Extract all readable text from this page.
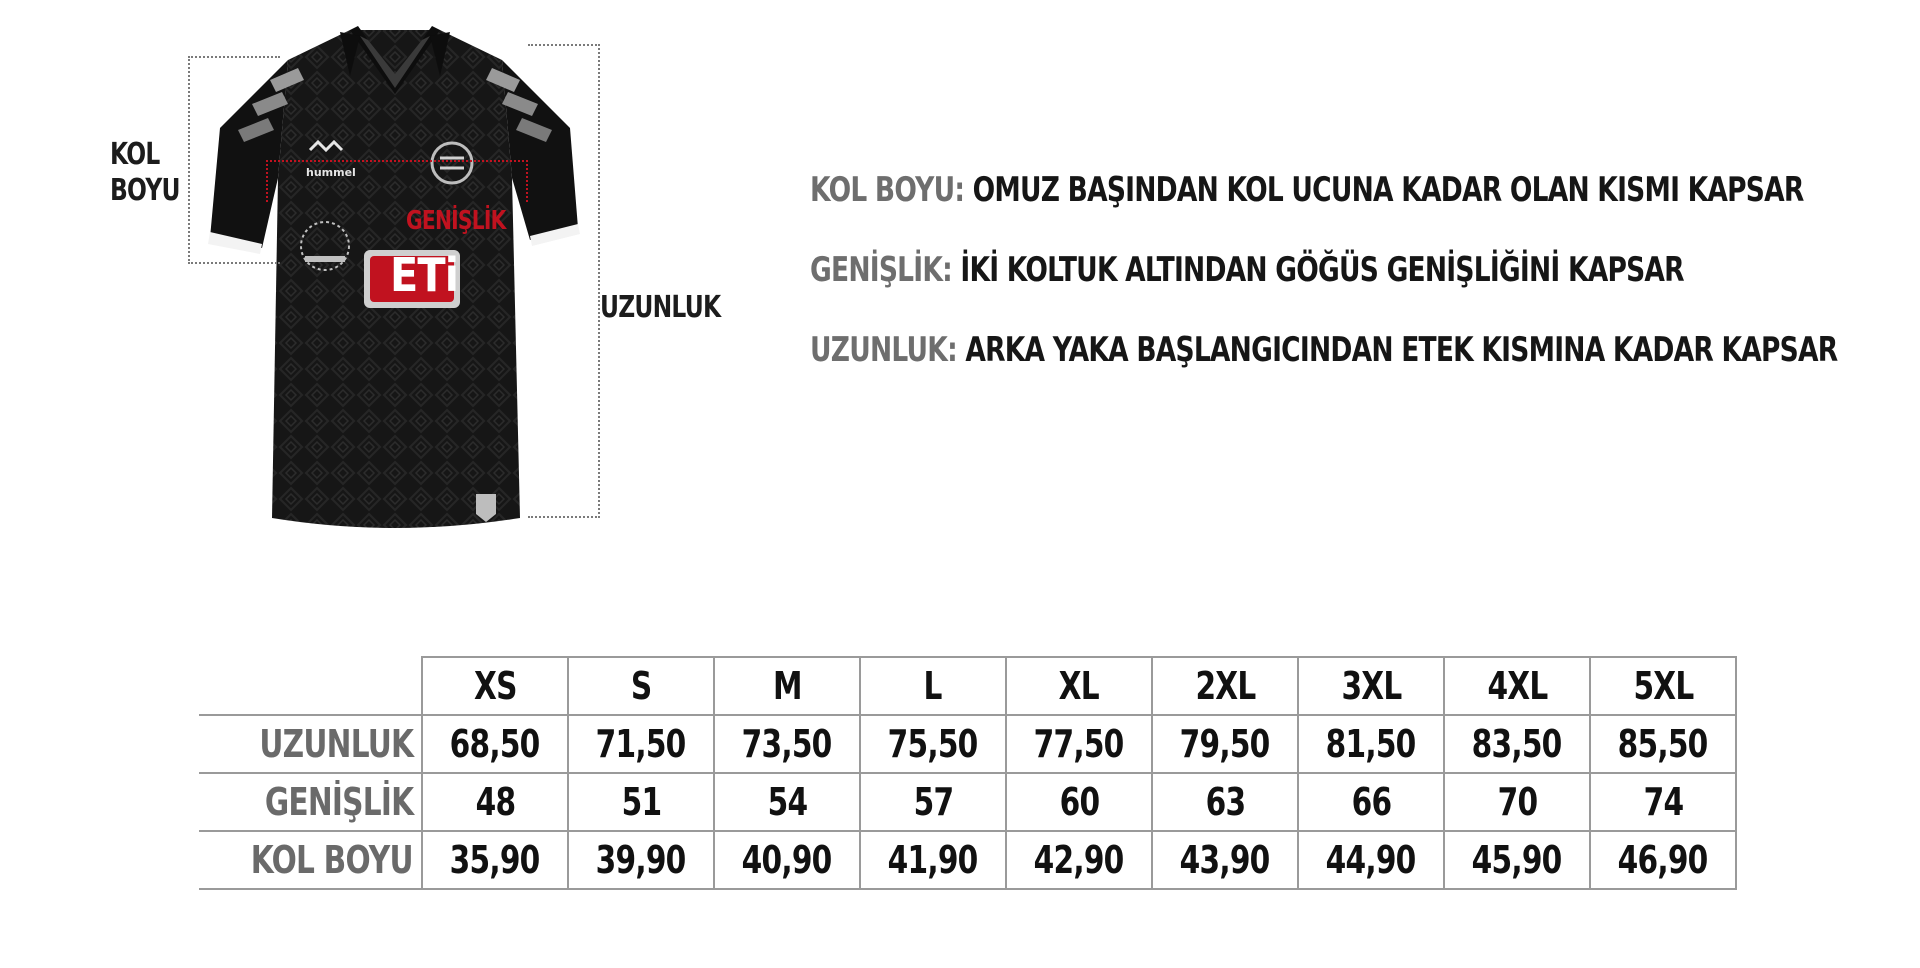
KOL
BOYU
UZUNLUK
GENİŞLİK
ETi
hummel	KOL BOYU: OMUZ BAŞINDAN KOL UCUNA KADAR OLAN KISMI KAPSAR
GENİŞLİK: İKİ KOLTUK ALTINDAN GÖĞÜS GENİŞLİĞİNİ KAPSAR
UZUNLUK: ARKA YAKA BAŞLANGICINDAN ETEK KISMINA KADAR KAPSAR
	XS	S	M	L	XL	2XL	3XL	4XL	5XL
UZUNLUK	68,50	71,50	73,50	75,50	77,50	79,50	81,50	83,50	85,50
GENİŞLİK	48	51	54	57	60	63	66	70	74
KOL BOYU	35,90	39,90	40,90	41,90	42,90	43,90	44,90	45,90	46,90
